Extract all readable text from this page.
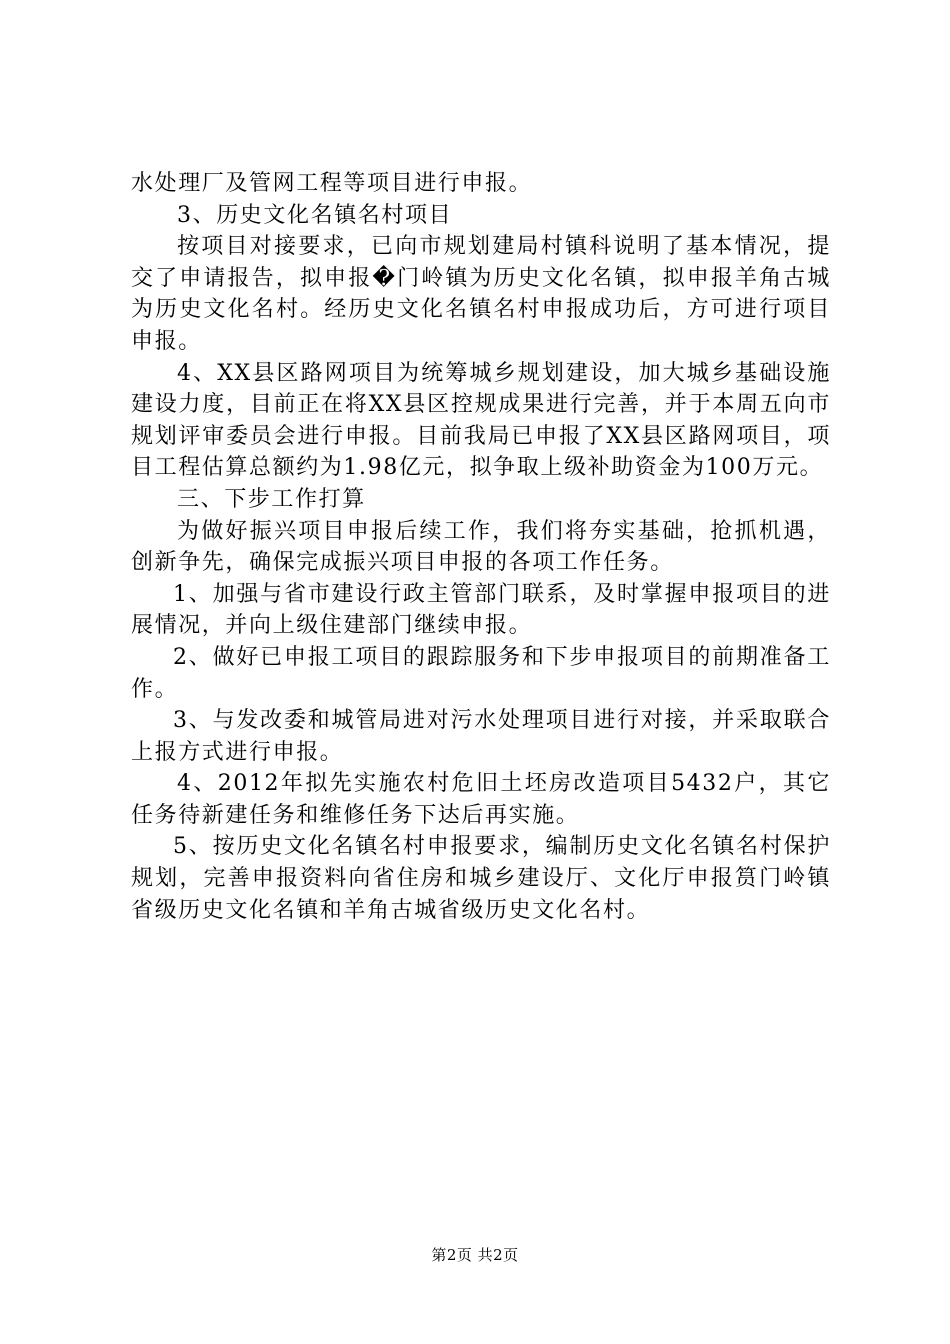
水处理厂及管网工程等项目进行申报。

3、历史文化名镇名村项目

按项目对接要求，已向市规划建局村镇科说明了基本情况，提交了申请报告，拟申报�门岭镇为历史文化名镇，拟申报羊角古城为历史文化名村。经历史文化名镇名村申报成功后，方可进行项目申报。

4、XX县区路网项目为统筹城乡规划建设，加大城乡基础设施建设力度，目前正在将XX县区控规成果进行完善，并于本周五向市规划评审委员会进行申报。目前我局已申报了XX县区路网项目，项目工程估算总额约为1.98亿元，拟争取上级补助资金为100万元。

三、下步工作打算

为做好振兴项目申报后续工作，我们将夯实基础，抢抓机遇，创新争先，确保完成振兴项目申报的各项工作任务。

1、加强与省市建设行政主管部门联系，及时掌握申报项目的进展情况，并向上级住建部门继续申报。

2、做好已申报工项目的跟踪服务和下步申报项目的前期准备工作。

3、与发改委和城管局进对污水处理项目进行对接，并采取联合上报方式进行申报。

4、2012年拟先实施农村危旧土坯房改造项目5432户，其它任务待新建任务和维修任务下达后再实施。

5、按历史文化名镇名村申报要求，编制历史文化名镇名村保护规划，完善申报资料向省住房和城乡建设厅、文化厅申报筼门岭镇省级历史文化名镇和羊角古城省级历史文化名村。

第2页 共2页
